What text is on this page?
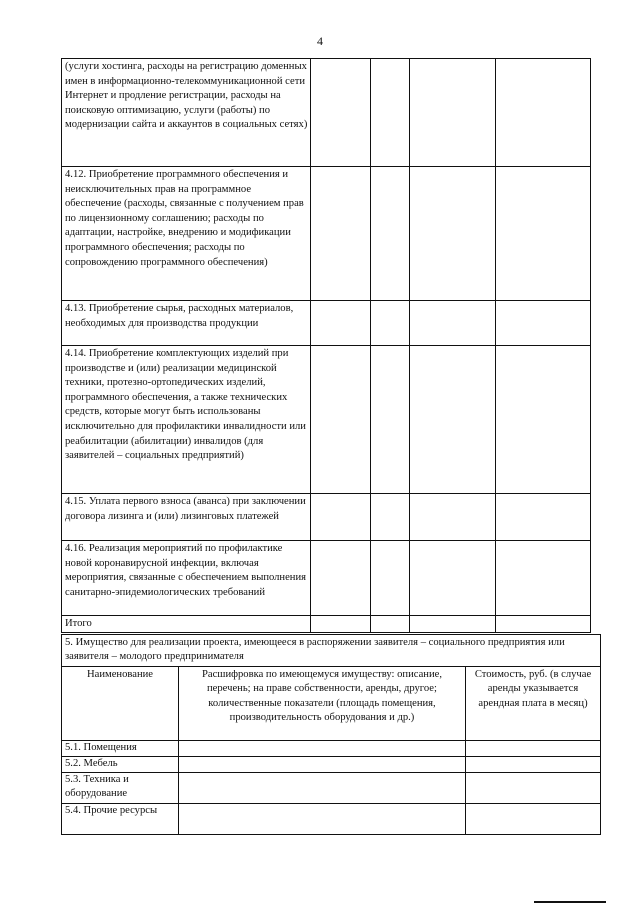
4
(услуги хостинга, расходы на регистрацию доменных имен в информационно-телекоммуникационной сети Интернет и продление регистрации, расходы на поисковую оптимизацию, услуги (работы) по модернизации сайта и аккаунтов в социальных сетях)				
4.12. Приобретение программного обеспечения и неисключительных прав на программное обеспечение (расходы, связанные с получением прав по лицензионному соглашению; расходы по адаптации, настройке, внедрению и модификации программного обеспечения; расходы по сопровождению программного обеспечения)				
4.13. Приобретение сырья, расходных материалов, необходимых для производства продукции				
4.14. Приобретение комплектующих изделий при производстве и (или) реализации медицинской техники, протезно-ортопедических изделий, программного обеспечения, а также технических средств, которые могут быть использованы исключительно для профилактики инвалидности или реабилитации (абилитации) инвалидов (для заявителей – социальных предприятий)				
4.15. Уплата первого взноса (аванса) при заключении договора лизинга и (или) лизинговых платежей				
4.16. Реализация мероприятий по профилактике новой коронавирусной инфекции, включая мероприятия, связанные с обеспечением выполнения санитарно-эпидемиологических требований				
Итого				
5. Имущество для реализации проекта, имеющееся в распоряжении заявителя – социального предприятия или заявителя – молодого предпринимателя		
Наименование	Расшифровка по имеющемуся имуществу: описание, перечень; на праве собственности, аренды, другое; количественные показатели (площадь помещения, производительность оборудования и др.)	Стоимость, руб. (в случае аренды указывается арендная плата в месяц)
5.1. Помещения		
5.2. Мебель		
5.3. Техника и оборудование		
5.4. Прочие ресурсы		
